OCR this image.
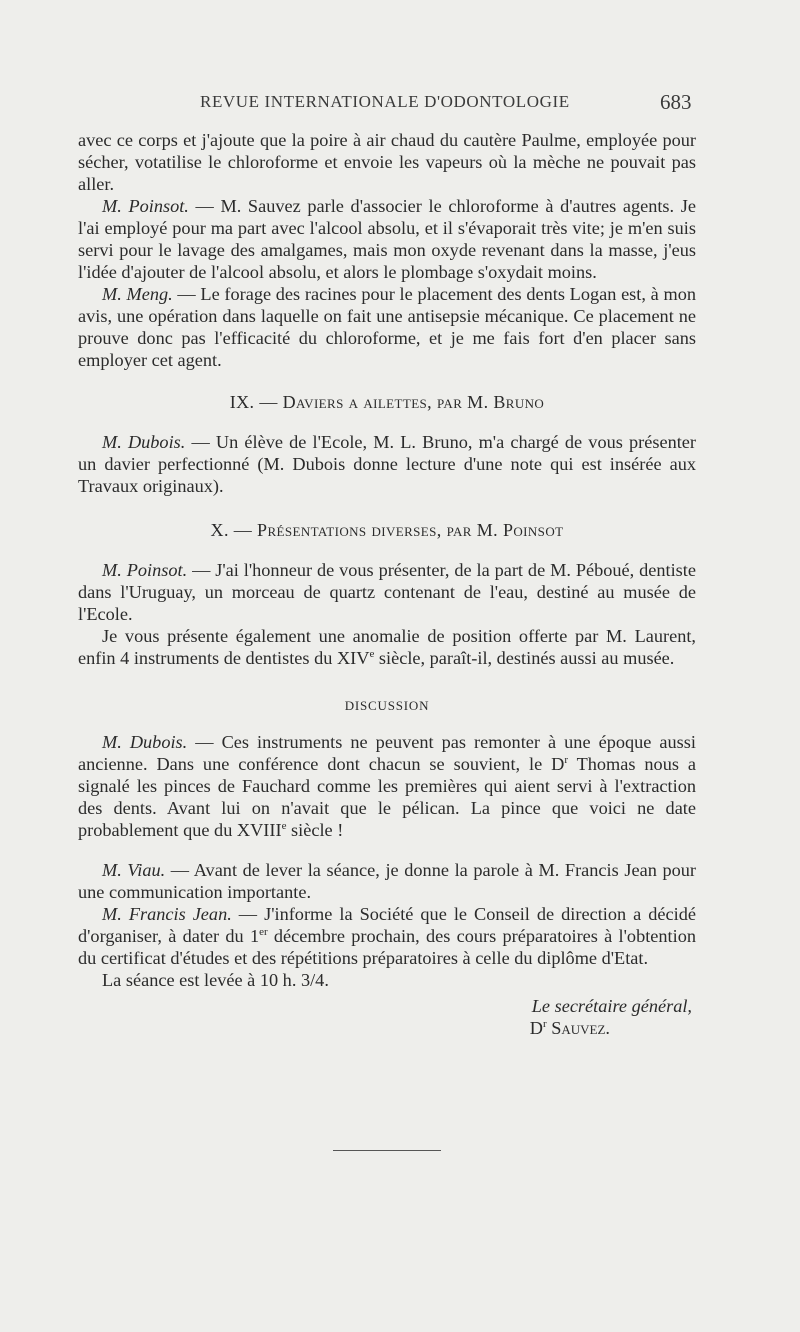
REVUE INTERNATIONALE D'ODONTOLOGIE	683

avec ce corps et j'ajoute que la poire à air chaud du cautère Paulme, employée pour sécher, votatilise le chloroforme et envoie les vapeurs où la mèche ne pouvait pas aller.

M. Poinsot. — M. Sauvez parle d'associer le chloroforme à d'autres agents. Je l'ai employé pour ma part avec l'alcool absolu, et il s'évaporait très vite; je m'en suis servi pour le lavage des amalgames, mais mon oxyde revenant dans la masse, j'eus l'idée d'ajouter de l'alcool absolu, et alors le plombage s'oxydait moins.

M. Meng. — Le forage des racines pour le placement des dents Logan est, à mon avis, une opération dans laquelle on fait une antisepsie mécanique. Ce placement ne prouve donc pas l'efficacité du chloroforme, et je me fais fort d'en placer sans employer cet agent.

IX. — Daviers a ailettes, par M. Bruno

M. Dubois. — Un élève de l'Ecole, M. L. Bruno, m'a chargé de vous présenter un davier perfectionné (M. Dubois donne lecture d'une note qui est insérée aux Travaux originaux).

X. — Présentations diverses, par M. Poinsot

M. Poinsot. — J'ai l'honneur de vous présenter, de la part de M. Péboué, dentiste dans l'Uruguay, un morceau de quartz contenant de l'eau, destiné au musée de l'Ecole.

Je vous présente également une anomalie de position offerte par M. Laurent, enfin 4 instruments de dentistes du XIVe siècle, paraît-il, destinés aussi au musée.

DISCUSSION

M. Dubois. — Ces instruments ne peuvent pas remonter à une époque aussi ancienne. Dans une conférence dont chacun se souvient, le $D^r$ Thomas nous a signalé les pinces de Fauchard comme les premières qui aient servi à l'extraction des dents. Avant lui on n'avait que le pélican. La pince que voici ne date probablement que du XVIIIe siècle !

M. Viau. — Avant de lever la séance, je donne la parole à M. Francis Jean pour une communication importante.

M. Francis Jean. — J'informe la Société que le Conseil de direction a décidé d'organiser, à dater du 1er décembre prochain, des cours préparatoires à l'obtention du certificat d'études et des répétitions préparatoires à celle du diplôme d'Etat.

La séance est levée à 10 h. 3/4.

Le secrétaire général,

$D^r$ Sauvez.
